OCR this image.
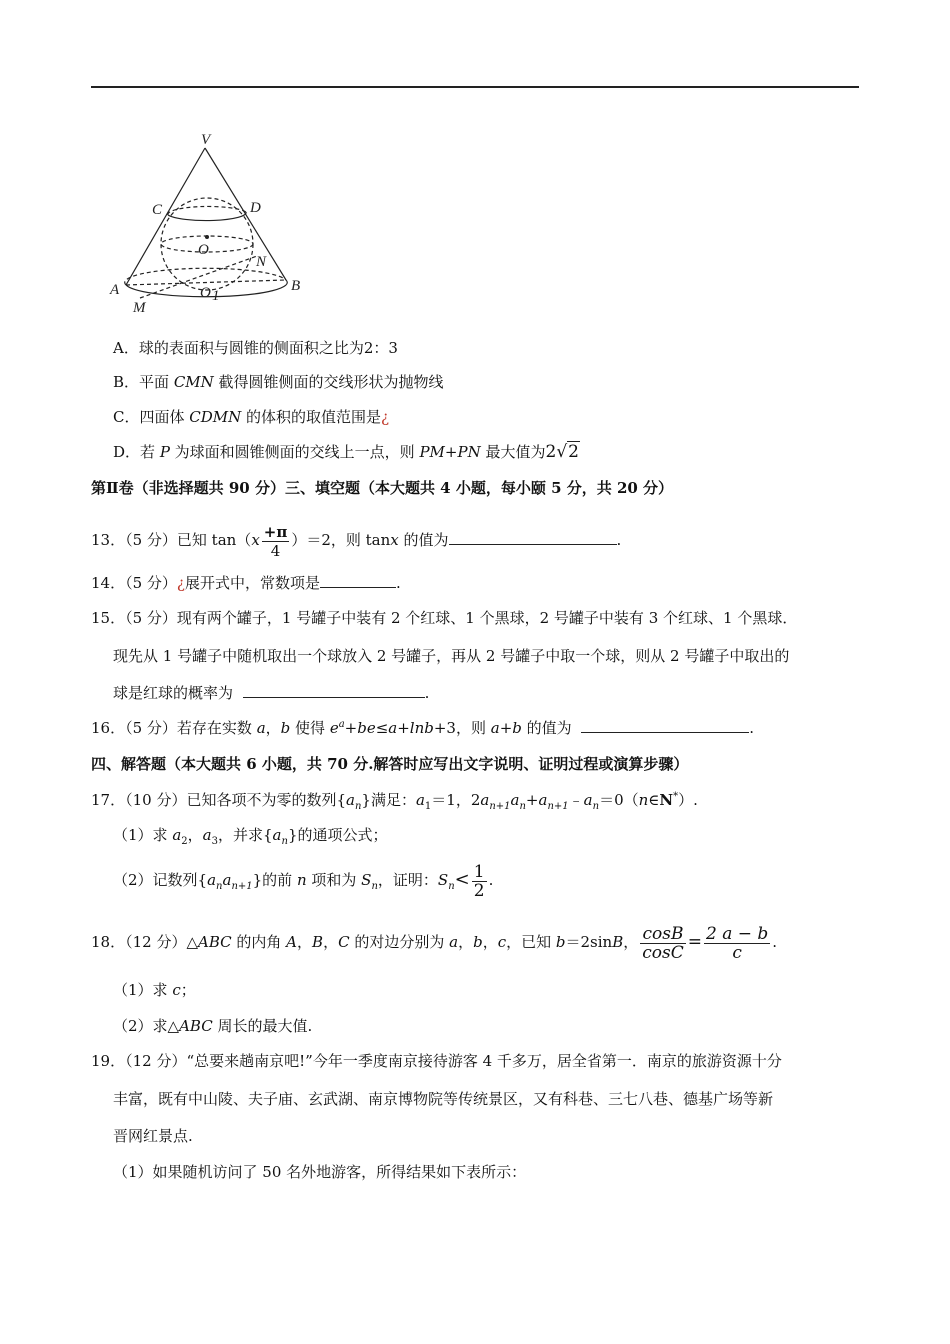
V
C	D
O
N
A	B
O 1
M
A．球的表面积与圆锥的侧面积之比为2：3
B．平面 CMN 截得圆锥侧面的交线形状为抛物线
C．四面体 CDMN 的体积的取值范围是¿
D．若 P 为球面和圆锥侧面的交线上一点，则 PM+PN 最大值为2√2
第Ⅱ卷（非选择题共 90 分）三、填空题（本大题共 4 小题，每小颐 5 分，共 20 分）
13．（5 分）已知 $\tan(x \frac{+\pi}{4} )=2$，则 tanx 的值为	.
14．（5 分）¿展开式中，常数项是	.
15．（5 分）现有两个罐子，1 号罐子中装有 2 个红球、1 个黑球，2 号罐子中装有 3 个红球、1 个黑球．
现先从 1 号罐子中随机取出一个球放入 2 号罐子，再从 2 号罐子中取一个球，则从 2 号罐子中取出的
球是红球的概率为	.
16．（5 分）若存在实数 a，b 使得 $e^a+be\le a+\ln b+3$，则 a+b 的值为	.
四、解答题（本大题共 6 小题，共 70 分.解答时应写出文字说明、证明过程或演算步骤）
17．（10 分）已知各项不为零的数列$\{a_n\}$满足：$a_1=1$，$2a_{n+1}a_n+a_{n+1}﹣a_n=0(n\in N^*)$.
（1）求 $a_2$，$a_3$，并求$\{a_n\}$的通项公式；
（2）记数列$\{a_na_{n+1}\}$的前 n 项和为 $S_n$，证明：$S_n< \frac{1}{2}$ .
18．（12 分）△ABC 的内角 A，B，C 的对边分别为 a，b，c，已知 b＝2sinB， $\frac{\cos B}{\cos C} = \frac{2 a - b}{c}$ .
（1）求 c；
（2）求△ABC 周长的最大值.
19．（12 分）“总要来趟南京吧!”今年一季度南京接待游客 4 千多万，居全省第一．南京的旅游资源十分
丰富，既有中山陵、夫子庙、玄武湖、南京博物院等传统景区，又有科巷、三七八巷、德基广场等新
晋网红景点.
（1）如果随机访问了 50 名外地游客，所得结果如下表所示：
